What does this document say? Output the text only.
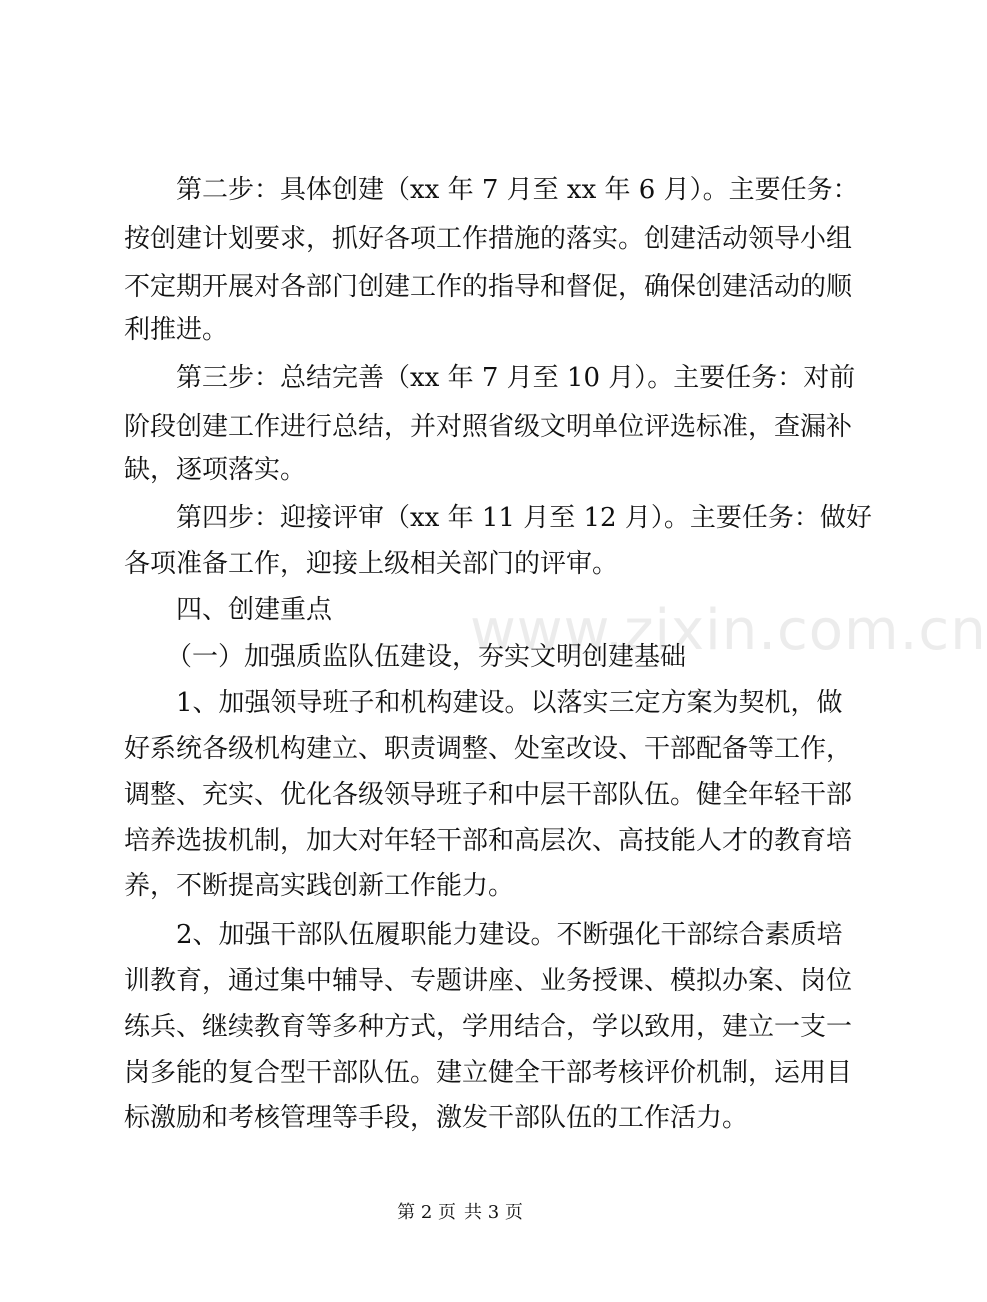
www.zixin.com.cn
第二步：具体创建（xx 年 7 月至 xx 年 6 月）。主要任务：
按创建计划要求，抓好各项工作措施的落实。创建活动领导小组
不定期开展对各部门创建工作的指导和督促，确保创建活动的顺
利推进。
第三步：总结完善（xx 年 7 月至 10 月）。主要任务：对前
阶段创建工作进行总结，并对照省级文明单位评选标准，查漏补
缺，逐项落实。
第四步：迎接评审（xx 年 11 月至 12 月）。主要任务：做好
各项准备工作，迎接上级相关部门的评审。
四、创建重点
（一）加强质监队伍建设，夯实文明创建基础
1、加强领导班子和机构建设。以落实三定方案为契机，做
好系统各级机构建立、职责调整、处室改设、干部配备等工作，
调整、充实、优化各级领导班子和中层干部队伍。健全年轻干部
培养选拔机制，加大对年轻干部和高层次、高技能人才的教育培
养，不断提高实践创新工作能力。
2、加强干部队伍履职能力建设。不断强化干部综合素质培
训教育，通过集中辅导、专题讲座、业务授课、模拟办案、岗位
练兵、继续教育等多种方式，学用结合，学以致用，建立一支一
岗多能的复合型干部队伍。建立健全干部考核评价机制，运用目
标激励和考核管理等手段，激发干部队伍的工作活力。
第 2 页 共 3 页
